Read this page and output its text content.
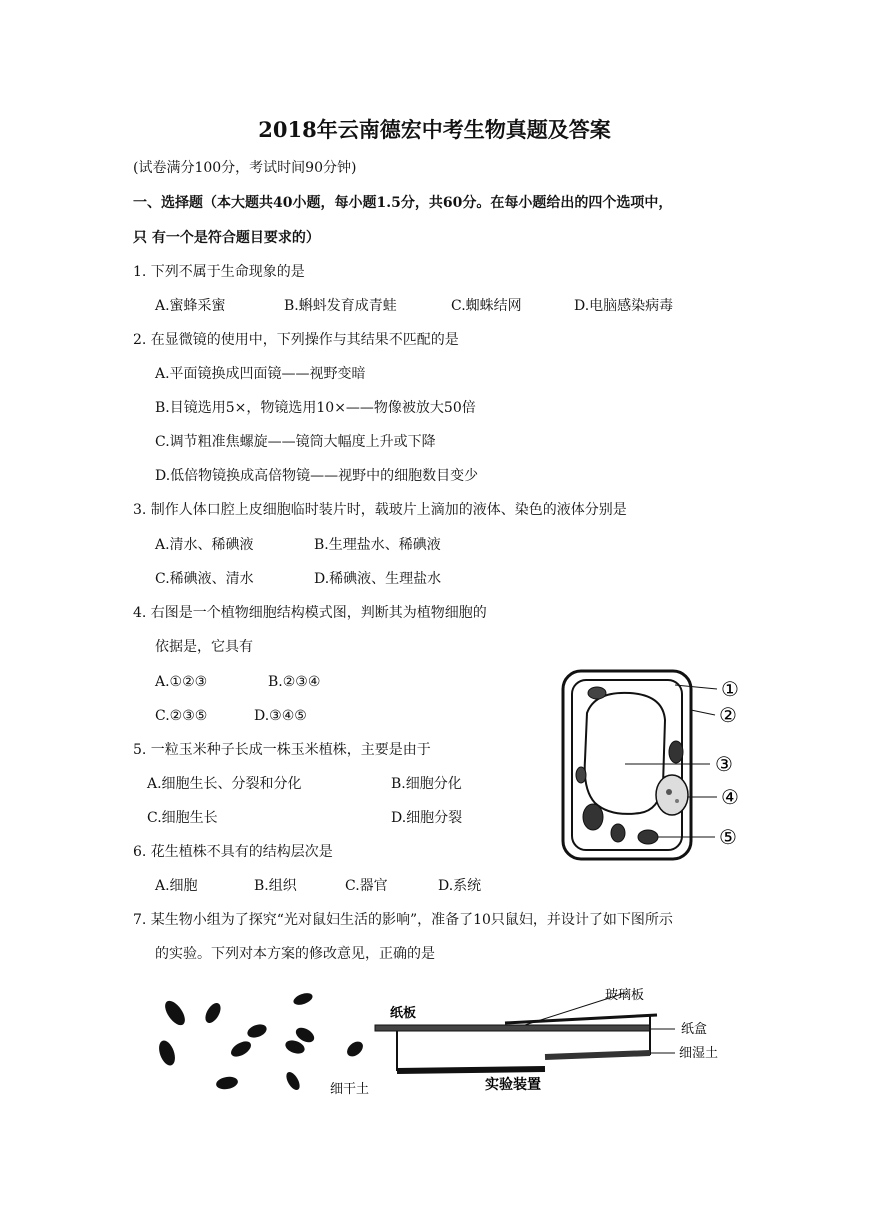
2018年云南德宏中考生物真题及答案
(试卷满分100分，考试时间90分钟)
一、选择题（本大题共40小题，每小题1.5分，共60分。在每小题给出的四个选项中，
只 有一个是符合题目要求的）
1. 下列不属于生命现象的是
A.蜜蜂采蜜	B.蝌蚪发育成青蛙	C.蜘蛛结网	D.电脑感染病毒
2. 在显微镜的使用中，下列操作与其结果不匹配的是
A.平面镜换成凹面镜——视野变暗
B.目镜选用5×，物镜选用10×——物像被放大50倍
C.调节粗准焦螺旋——镜筒大幅度上升或下降
D.低倍物镜换成高倍物镜——视野中的细胞数目变少
3. 制作人体口腔上皮细胞临时装片时，载玻片上滴加的液体、染色的液体分别是
A.清水、稀碘液	B.生理盐水、稀碘液
C.稀碘液、清水	D.稀碘液、生理盐水
4. 右图是一个植物细胞结构模式图，判断其为植物细胞的
依据是，它具有
A.①②③	B.②③④
C.②③⑤	D.③④⑤
5. 一粒玉米种子长成一株玉米植株，主要是由于
A.细胞生长、分裂和分化	B.细胞分化
C.细胞生长	D.细胞分裂
6. 花生植株不具有的结构层次是
A.细胞	B.组织	C.器官	D.系统
7. 某生物小组为了探究“光对鼠妇生活的影响”，准备了10只鼠妇，并设计了如下图所示
的实验。下列对本方案的修改意见，正确的是
①
②
③
④
⑤
玻璃板
纸板
纸盒
细湿土
细干土	实验装置
